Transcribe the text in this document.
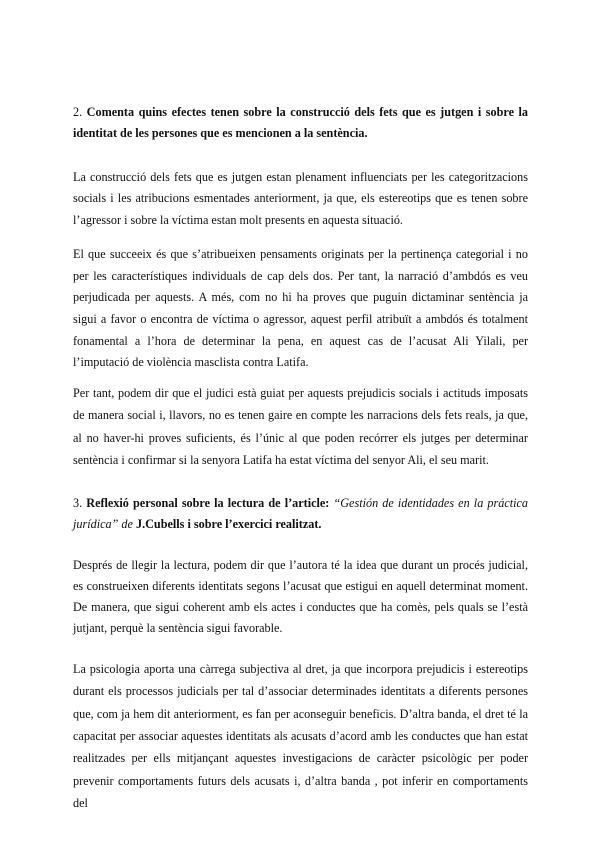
2. Comenta quins efectes tenen sobre la construcció dels fets que es jutgen i sobre la identitat de les persones que es mencionen a la sentència.

La construcció dels fets que es jutgen estan plenament influenciats per les categoritzacions socials i les atribucions esmentades anteriorment, ja que, els estereotips que es tenen sobre l’agressor i sobre la víctima estan molt presents en aquesta situació.

El que succeeix és que s’atribueixen pensaments originats per la pertinença categorial i no per les característiques individuals de cap dels dos. Per tant, la narració d’ambdós es veu perjudicada per aquests. A més, com no hi ha proves que puguin dictaminar sentència ja sigui a favor o encontra de víctima o agressor, aquest perfil atribuït a ambdós és totalment fonamental a l’hora de determinar la pena, en aquest cas de l’acusat Ali Yilali, per l’imputació de violència masclista contra Latifa.

Per tant, podem dir que el judici està guiat per aquests prejudicis socials i actituds imposats de manera social i, llavors, no es tenen gaire en compte les narracions dels fets reals, ja que, al no haver-hi proves suficients, és l’únic al que poden recórrer els jutges per determinar sentència i confirmar si la senyora Latifa ha estat víctima del senyor Ali, el seu marit.

3. Reflexió personal sobre la lectura de l’article: “Gestión de identidades en la práctica jurídica” de J.Cubells i sobre l’exercici realitzat.

Després de llegir la lectura, podem dir que l’autora té la idea que durant un procés judicial, es construeixen diferents identitats segons l’acusat que estigui en aquell determinat moment. De manera, que sigui coherent amb els actes i conductes que ha comès, pels quals se l’està jutjant, perquè la sentència sigui favorable.

La psicologia aporta una càrrega subjectiva al dret, ja que incorpora prejudicis i estereotips durant els processos judicials per tal d’associar determinades identitats a diferents persones que, com ja hem dit anteriorment, es fan per aconseguir beneficis. D’altra banda, el dret té la capacitat per associar aquestes identitats als acusats d’acord amb les conductes que han estat realitzades per ells mitjançant aquestes investigacions de caràcter psicològic per poder prevenir comportaments futurs dels acusats i, d’altra banda , pot inferir en comportaments del
